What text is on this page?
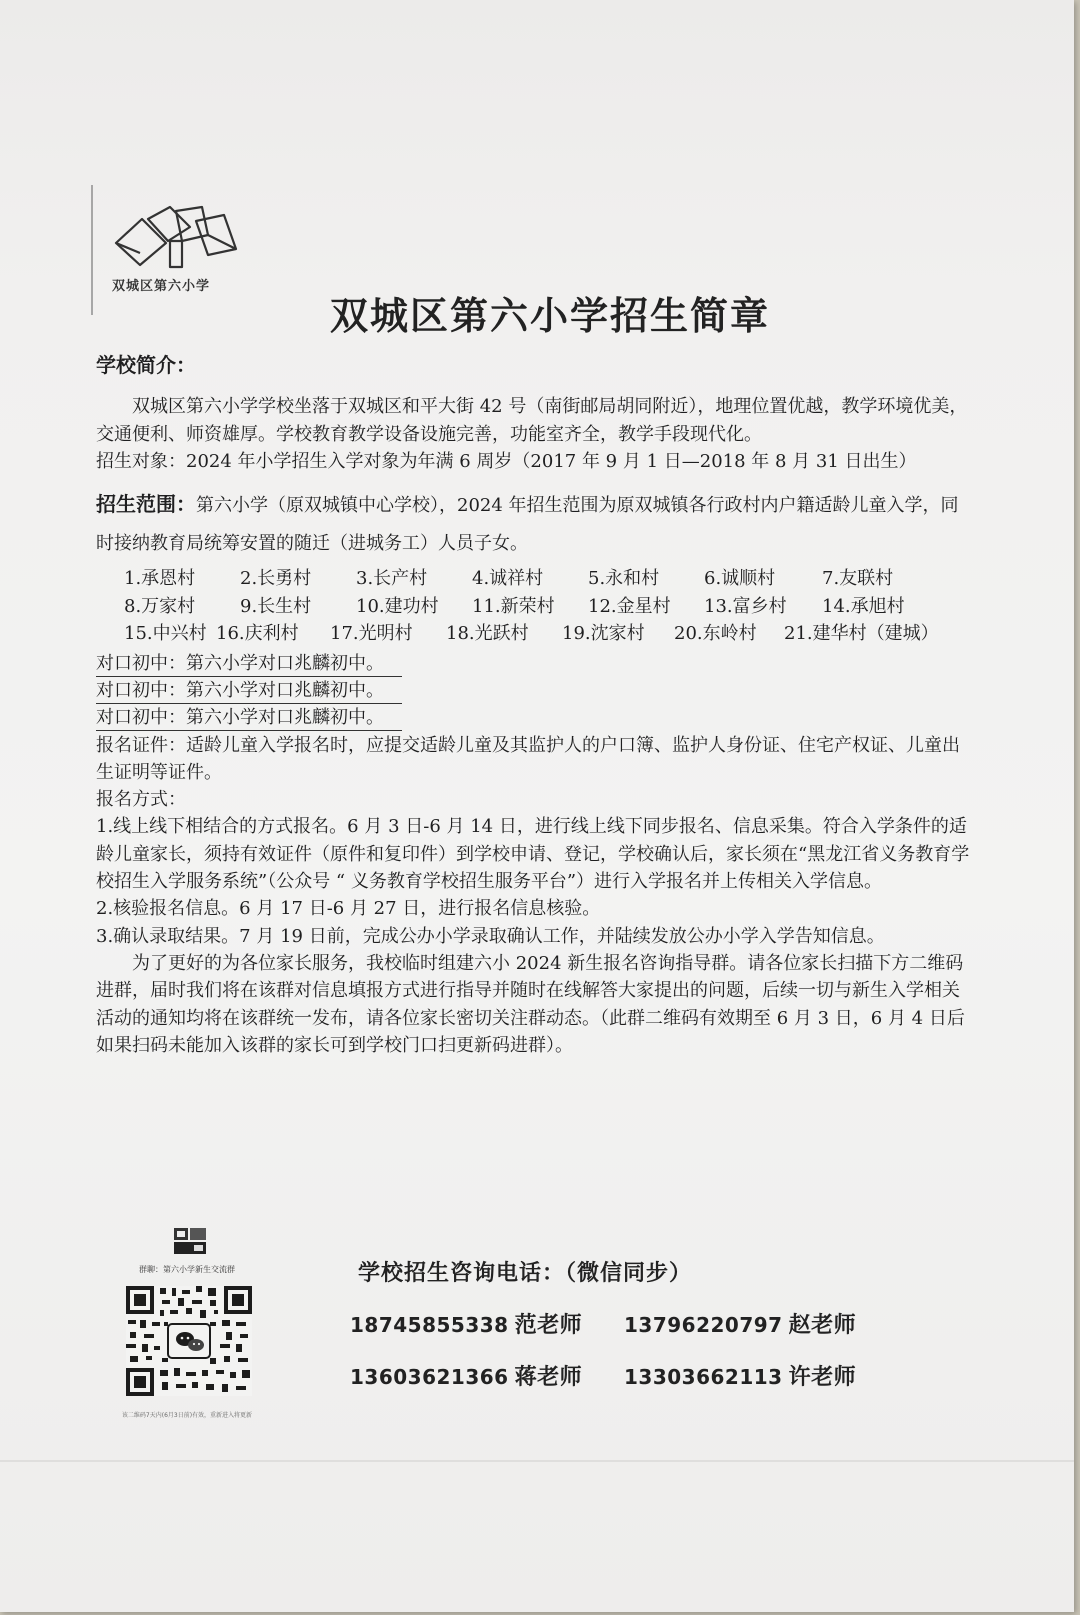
双城区第六小学
双城区第六小学招生简章

学校简介：

双城区第六小学学校坐落于双城区和平大街 42 号（南街邮局胡同附近），地理位置优越，教学环境优美，交通便利、师资雄厚。学校教育教学设备设施完善，功能室齐全，教学手段现代化。

招生对象：2024 年小学招生入学对象为年满 6 周岁（2017 年 9 月 1 日—2018 年 8 月 31 日出生）

招生范围：第六小学（原双城镇中心学校），2024 年招生范围为原双城镇各行政村内户籍适龄儿童入学，同时接纳教育局统筹安置的随迁（进城务工）人员子女。

1.承恩村	2.长勇村	3.长产村	4.诚祥村	5.永和村	6.诚顺村	7.友联村
8.万家村	9.长生村	10.建功村	11.新荣村	12.金星村	13.富乡村	14.承旭村
15.中兴村 16.庆利村	17.光明村	18.光跃村	19.沈家村	20.东岭村	21.建华村（建城）

对口初中：第六小学对口兆麟初中。

对口初中：第六小学对口兆麟初中。

对口初中：第六小学对口兆麟初中。

报名证件：适龄儿童入学报名时，应提交适龄儿童及其监护人的户口簿、监护人身份证、住宅产权证、儿童出生证明等证件。

报名方式：

1.线上线下相结合的方式报名。6 月 3 日-6 月 14 日，进行线上线下同步报名、信息采集。符合入学条件的适龄儿童家长，须持有效证件（原件和复印件）到学校申请、登记，学校确认后，家长须在“黑龙江省义务教育学校招生入学服务系统”（公众号 “ 义务教育学校招生服务平台”）进行入学报名并上传相关入学信息。

2.核验报名信息。6 月 17 日-6 月 27 日，进行报名信息核验。

3.确认录取结果。7 月 19 日前，完成公办小学录取确认工作，并陆续发放公办小学入学告知信息。

为了更好的为各位家长服务，我校临时组建六小 2024 新生报名咨询指导群。请各位家长扫描下方二维码进群，届时我们将在该群对信息填报方式进行指导并随时在线解答大家提出的问题，后续一切与新生入学相关活动的通知均将在该群统一发布，请各位家长密切关注群动态。（此群二维码有效期至 6 月 3 日，6 月 4 日后如果扫码未能加入该群的家长可到学校门口扫更新码进群）。

群聊：第六小学新生交流群
该二维码7天内(6月3日前)有效，重新进入将更新
学校招生咨询电话：（微信同步）
18745855338 范老师 13796220797 赵老师
13603621366 蒋老师 13303662113 许老师
